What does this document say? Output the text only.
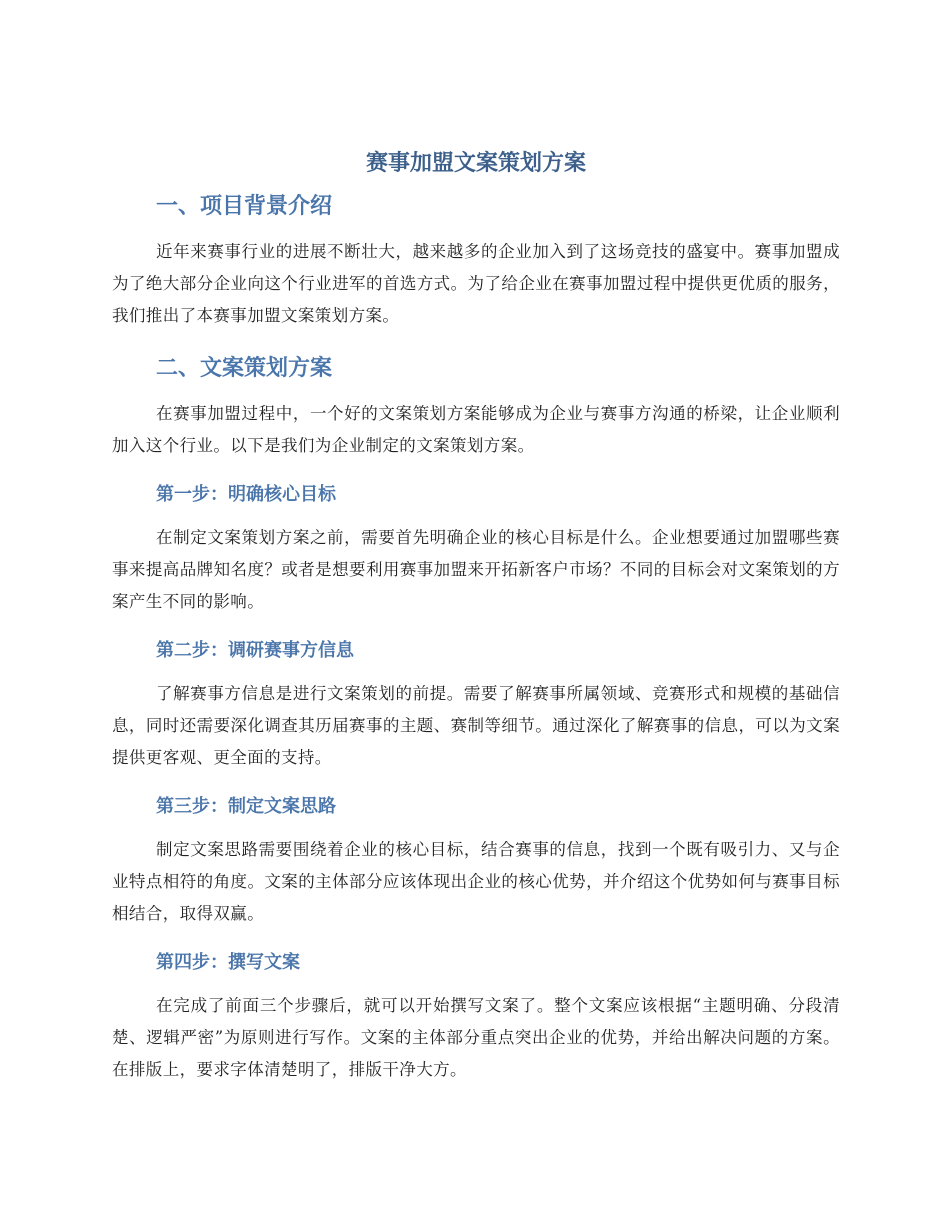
赛事加盟文案策划方案
一、项目背景介绍

近年来赛事行业的进展不断壮大，越来越多的企业加入到了这场竞技的盛宴中。赛事加盟成为了绝大部分企业向这个行业进军的首选方式。为了给企业在赛事加盟过程中提供更优质的服务，我们推出了本赛事加盟文案策划方案。

二、文案策划方案

在赛事加盟过程中，一个好的文案策划方案能够成为企业与赛事方沟通的桥梁，让企业顺利加入这个行业。以下是我们为企业制定的文案策划方案。

第一步：明确核心目标

在制定文案策划方案之前，需要首先明确企业的核心目标是什么。企业想要通过加盟哪些赛事来提高品牌知名度？或者是想要利用赛事加盟来开拓新客户市场？不同的目标会对文案策划的方案产生不同的影响。

第二步：调研赛事方信息

了解赛事方信息是进行文案策划的前提。需要了解赛事所属领域、竞赛形式和规模的基础信息，同时还需要深化调查其历届赛事的主题、赛制等细节。通过深化了解赛事的信息，可以为文案提供更客观、更全面的支持。

第三步：制定文案思路

制定文案思路需要围绕着企业的核心目标，结合赛事的信息，找到一个既有吸引力、又与企业特点相符的角度。文案的主体部分应该体现出企业的核心优势，并介绍这个优势如何与赛事目标相结合，取得双赢。

第四步：撰写文案

在完成了前面三个步骤后，就可以开始撰写文案了。整个文案应该根据“主题明确、分段清楚、逻辑严密”为原则进行写作。文案的主体部分重点突出企业的优势，并给出解决问题的方案。在排版上，要求字体清楚明了，排版干净大方。
